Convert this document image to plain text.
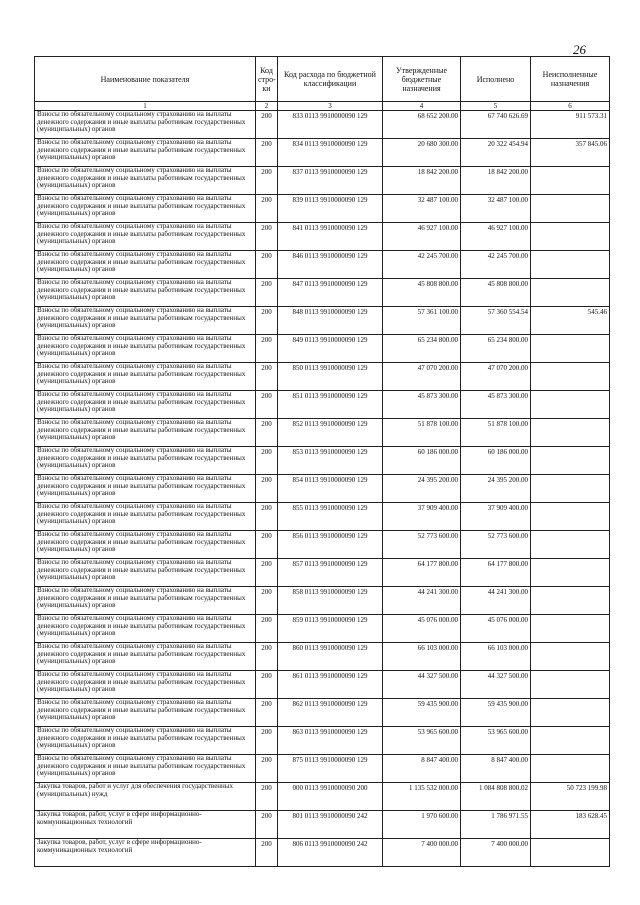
26
Наименование показателя	Код стро- ки	Код расхода по бюджетной классификации	Утвержденные бюджетные назначения	Исполнено	Неисполненные назначения
1	2	3	4	5	6
Взносы по обязательному социальному страхованию на выплаты денежного содержания и иные выплаты работникам государственных (муниципальных) органов	200	833 0113 9910000090 129	68 652 200.00	67 740 626.69	911 573.31
Взносы по обязательному социальному страхованию на выплаты денежного содержания и иные выплаты работникам государственных (муниципальных) органов	200	834 0113 9910000090 129	20 680 300.00	20 322 454.94	357 845.06
Взносы по обязательному социальному страхованию на выплаты денежного содержания и иные выплаты работникам государственных (муниципальных) органов	200	837 0113 9910000090 129	18 842 200.00	18 842 200.00	
Взносы по обязательному социальному страхованию на выплаты денежного содержания и иные выплаты работникам государственных (муниципальных) органов	200	839 0113 9910000090 129	32 487 100.00	32 487 100.00	
Взносы по обязательному социальному страхованию на выплаты денежного содержания и иные выплаты работникам государственных (муниципальных) органов	200	841 0113 9910000090 129	46 927 100.00	46 927 100.00	
Взносы по обязательному социальному страхованию на выплаты денежного содержания и иные выплаты работникам государственных (муниципальных) органов	200	846 0113 9910000090 129	42 245 700.00	42 245 700.00	
Взносы по обязательному социальному страхованию на выплаты денежного содержания и иные выплаты работникам государственных (муниципальных) органов	200	847 0113 9910000090 129	45 808 800.00	45 808 800.00	
Взносы по обязательному социальному страхованию на выплаты денежного содержания и иные выплаты работникам государственных (муниципальных) органов	200	848 0113 9910000090 129	57 361 100.00	57 360 554.54	545.46
Взносы по обязательному социальному страхованию на выплаты денежного содержания и иные выплаты работникам государственных (муниципальных) органов	200	849 0113 9910000090 129	65 234 800.00	65 234 800.00	
Взносы по обязательному социальному страхованию на выплаты денежного содержания и иные выплаты работникам государственных (муниципальных) органов	200	850 0113 9910000090 129	47 070 200.00	47 070 200.00	
Взносы по обязательному социальному страхованию на выплаты денежного содержания и иные выплаты работникам государственных (муниципальных) органов	200	851 0113 9910000090 129	45 873 300.00	45 873 300.00	
Взносы по обязательному социальному страхованию на выплаты денежного содержания и иные выплаты работникам государственных (муниципальных) органов	200	852 0113 9910000090 129	51 878 100.00	51 878 100.00	
Взносы по обязательному социальному страхованию на выплаты денежного содержания и иные выплаты работникам государственных (муниципальных) органов	200	853 0113 9910000090 129	60 186 000.00	60 186 000.00	
Взносы по обязательному социальному страхованию на выплаты денежного содержания и иные выплаты работникам государственных (муниципальных) органов	200	854 0113 9910000090 129	24 395 200.00	24 395 200.00	
Взносы по обязательному социальному страхованию на выплаты денежного содержания и иные выплаты работникам государственных (муниципальных) органов	200	855 0113 9910000090 129	37 909 400.00	37 909 400.00	
Взносы по обязательному социальному страхованию на выплаты денежного содержания и иные выплаты работникам государственных (муниципальных) органов	200	856 0113 9910000090 129	52 773 600.00	52 773 600.00	
Взносы по обязательному социальному страхованию на выплаты денежного содержания и иные выплаты работникам государственных (муниципальных) органов	200	857 0113 9910000090 129	64 177 800.00	64 177 800.00	
Взносы по обязательному социальному страхованию на выплаты денежного содержания и иные выплаты работникам государственных (муниципальных) органов	200	858 0113 9910000090 129	44 241 300.00	44 241 300.00	
Взносы по обязательному социальному страхованию на выплаты денежного содержания и иные выплаты работникам государственных (муниципальных) органов	200	859 0113 9910000090 129	45 076 000.00	45 076 000.00	
Взносы по обязательному социальному страхованию на выплаты денежного содержания и иные выплаты работникам государственных (муниципальных) органов	200	860 0113 9910000090 129	66 103 000.00	66 103 000.00	
Взносы по обязательному социальному страхованию на выплаты денежного содержания и иные выплаты работникам государственных (муниципальных) органов	200	861 0113 9910000090 129	44 327 500.00	44 327 500.00	
Взносы по обязательному социальному страхованию на выплаты денежного содержания и иные выплаты работникам государственных (муниципальных) органов	200	862 0113 9910000090 129	59 435 900.00	59 435 900.00	
Взносы по обязательному социальному страхованию на выплаты денежного содержания и иные выплаты работникам государственных (муниципальных) органов	200	863 0113 9910000090 129	53 965 600.00	53 965 600.00	
Взносы по обязательному социальному страхованию на выплаты денежного содержания и иные выплаты работникам государственных (муниципальных) органов	200	875 0113 9910000090 129	8 847 400.00	8 847 400.00	
Закупка товаров, работ и услуг для обеспечения государственных (муниципальных) нужд	200	000 0113 9910000090 200	1 135 532 000.00	1 084 808 800.02	50 723 199.98
Закупка товаров, работ, услуг в сфере информационно-коммуникационных технологий	200	801 0113 9910000090 242	1 970 600.00	1 786 971.55	183 628.45
Закупка товаров, работ, услуг в сфере информационно-коммуникационных технологий	200	806 0113 9910000090 242	7 400 000.00	7 400 000.00	
